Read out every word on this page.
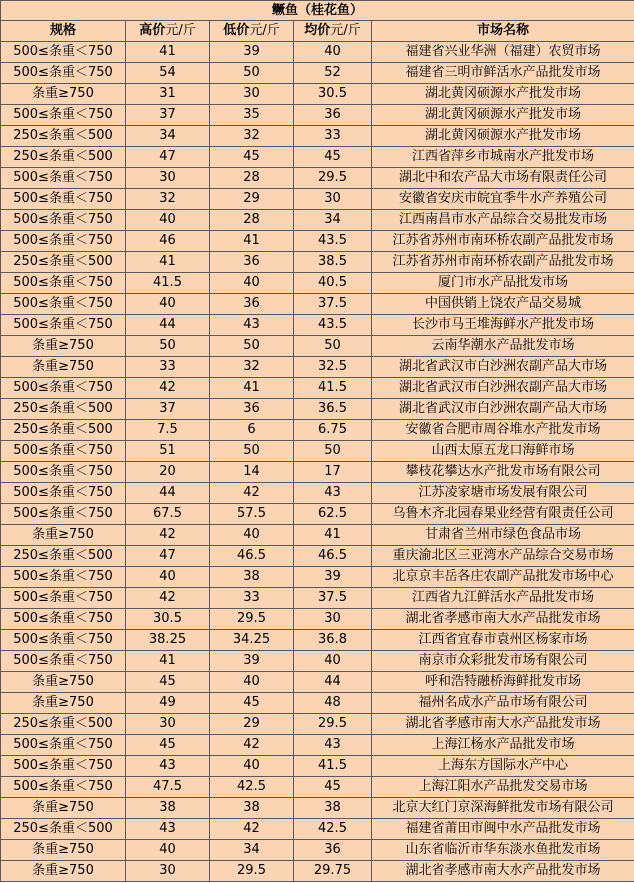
鳜鱼（桂花鱼）				
规格	高价元/斤	低价元/斤	均价元/斤	市场名称
500≤条重＜750	41	39	40	福建省兴业华洲（福建）农贸市场
500≤条重＜750	54	50	52	福建省三明市鲜活水产品批发市场
条重≥750	31	30	30.5	湖北黄冈硕源水产批发市场
500≤条重＜750	37	35	36	湖北黄冈硕源水产批发市场
250≤条重＜500	34	32	33	湖北黄冈硕源水产批发市场
250≤条重＜500	47	45	45	江西省萍乡市城南水产批发市场
500≤条重＜750	30	28	29.5	湖北中和农产品大市场有限责任公司
500≤条重＜750	32	29	30	安徽省安庆市皖宜季牛水产养殖公司
500≤条重＜750	40	28	34	江西南昌市水产品综合交易批发市场
500≤条重＜750	46	41	43.5	江苏省苏州市南环桥农副产品批发市场
250≤条重＜500	41	36	38.5	江苏省苏州市南环桥农副产品批发市场
500≤条重＜750	41.5	40	40.5	厦门市水产品批发市场
500≤条重＜750	40	36	37.5	中国供销上饶农产品交易城
500≤条重＜750	44	43	43.5	长沙市马王堆海鲜水产批发市场
条重≥750	50	50	50	云南华潮水产品批发市场
条重≥750	33	32	32.5	湖北省武汉市白沙洲农副产品大市场
500≤条重＜750	42	41	41.5	湖北省武汉市白沙洲农副产品大市场
250≤条重＜500	37	36	36.5	湖北省武汉市白沙洲农副产品大市场
250≤条重＜500	7.5	6	6.75	安徽省合肥市周谷堆水产批发市场
500≤条重＜750	51	50	50	山西太原五龙口海鲜市场
500≤条重＜750	20	14	17	攀枝花攀达水产批发市场有限公司
500≤条重＜750	44	42	43	江苏凌家塘市场发展有限公司
500≤条重＜750	67.5	57.5	62.5	乌鲁木齐北园春果业经营有限责任公司
条重≥750	42	40	41	甘肃省兰州市绿色食品市场
250≤条重＜500	47	46.5	46.5	重庆渝北区三亚湾水产品综合交易市场
500≤条重＜750	40	38	39	北京京丰岳各庄农副产品批发市场中心
500≤条重＜750	42	33	37.5	江西省九江鲜活水产品批发市场
500≤条重＜750	30.5	29.5	30	湖北省孝感市南大水产品批发市场
500≤条重＜750	38.25	34.25	36.8	江西省宜春市袁州区杨家市场
500≤条重＜750	41	39	40	南京市众彩批发市场有限公司
条重≥750	45	40	44	呼和浩特融桥海鲜批发市场
条重≥750	49	45	48	福州名成水产品市场有限公司
250≤条重＜500	30	29	29.5	湖北省孝感市南大水产品批发市场
500≤条重＜750	45	42	43	上海江杨水产品批发市场
500≤条重＜750	43	40	41.5	上海东方国际水产中心
500≤条重＜750	47.5	42.5	45	上海江阳水产品批发交易市场
条重≥750	38	38	38	北京大红门京深海鲜批发市场有限公司
250≤条重＜500	43	42	42.5	福建省莆田市闽中水产品批发市场
条重≥750	40	34	36	山东省临沂市华东淡水鱼批发市场
条重≥750	30	29.5	29.75	湖北省孝感市南大水产品批发市场
